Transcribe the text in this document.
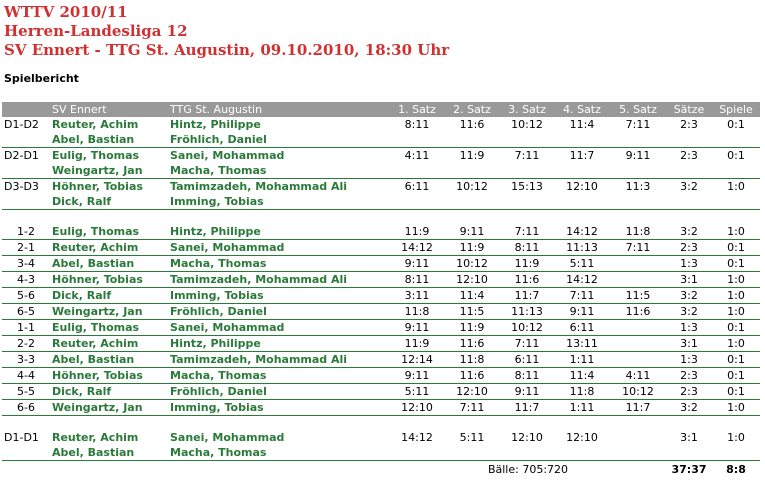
WTTV 2010/11
Herren-Landesliga 12
SV Ennert - TTG St. Augustin, 09.10.2010, 18:30 Uhr
Spielbericht
	SV Ennert	TTG St. Augustin	1. Satz	2. Satz	3. Satz	4. Satz	5. Satz	Sätze	Spiele
D1-D2	Reuter, Achim	Hintz, Philippe	8:11	11:6	10:12	11:4	7:11	2:3	0:1
	Abel, Bastian	Fröhlich, Daniel							
D2-D1	Eulig, Thomas	Sanei, Mohammad	4:11	11:9	7:11	11:7	9:11	2:3	0:1
	Weingartz, Jan	Macha, Thomas							
D3-D3	Höhner, Tobias	Tamimzadeh, Mohammad Ali	6:11	10:12	15:13	12:10	11:3	3:2	1:0
	Dick, Ralf	Imming, Tobias							

1-2	Eulig, Thomas	Hintz, Philippe	11:9	9:11	7:11	14:12	11:8	3:2	1:0
2-1	Reuter, Achim	Sanei, Mohammad	14:12	11:9	8:11	11:13	7:11	2:3	0:1
3-4	Abel, Bastian	Macha, Thomas	9:11	10:12	11:9	5:11		1:3	0:1
4-3	Höhner, Tobias	Tamimzadeh, Mohammad Ali	8:11	12:10	11:6	14:12		3:1	1:0
5-6	Dick, Ralf	Imming, Tobias	3:11	11:4	11:7	7:11	11:5	3:2	1:0
6-5	Weingartz, Jan	Fröhlich, Daniel	11:8	11:5	11:13	9:11	11:6	3:2	1:0
1-1	Eulig, Thomas	Sanei, Mohammad	9:11	11:9	10:12	6:11		1:3	0:1
2-2	Reuter, Achim	Hintz, Philippe	11:9	11:6	7:11	13:11		3:1	1:0
3-3	Abel, Bastian	Tamimzadeh, Mohammad Ali	12:14	11:8	6:11	1:11		1:3	0:1
4-4	Höhner, Tobias	Macha, Thomas	9:11	11:6	8:11	11:4	4:11	2:3	0:1
5-5	Dick, Ralf	Fröhlich, Daniel	5:11	12:10	9:11	11:8	10:12	2:3	0:1
6-6	Weingartz, Jan	Imming, Tobias	12:10	7:11	11:7	1:11	11:7	3:2	1:0

D1-D1	Reuter, Achim	Sanei, Mohammad	14:12	5:11	12:10	12:10		3:1	1:0
	Abel, Bastian	Macha, Thomas							
			Bälle: 705:720					37:37	8:8
